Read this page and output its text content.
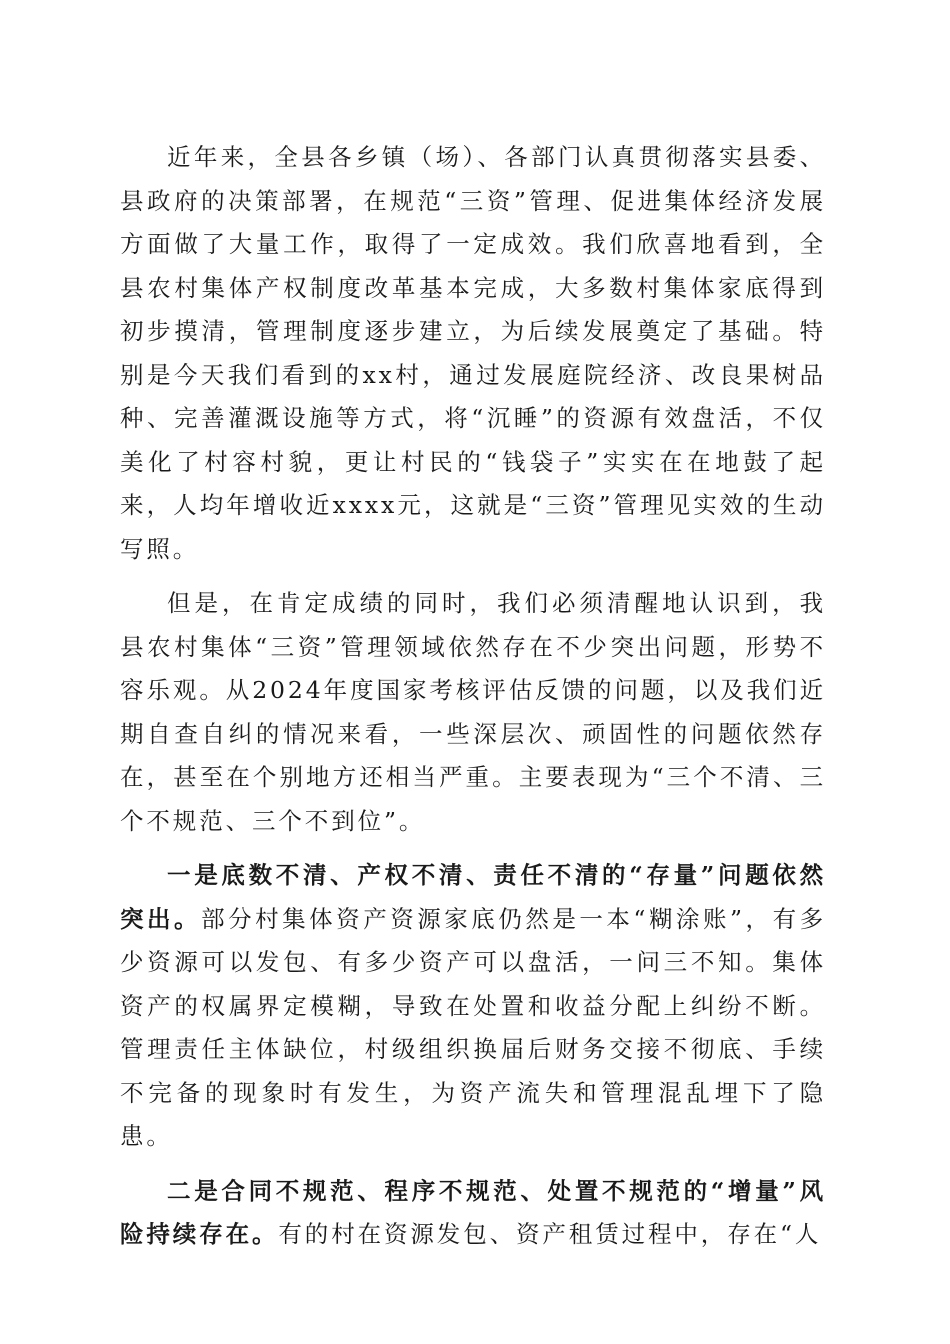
近年来，全县各乡镇（场）、各部门认真贯彻落实县委、县政府的决策部署，在规范“三资”管理、促进集体经济发展方面做了大量工作，取得了一定成效。我们欣喜地看到，全县农村集体产权制度改革基本完成，大多数村集体家底得到初步摸清，管理制度逐步建立，为后续发展奠定了基础。特别是今天我们看到的xx村，通过发展庭院经济、改良果树品种、完善灌溉设施等方式，将“沉睡”的资源有效盘活，不仅美化了村容村貌，更让村民的“钱袋子”实实在在地鼓了起来，人均年增收近xxxx元，这就是“三资”管理见实效的生动写照。

但是，在肯定成绩的同时，我们必须清醒地认识到，我县农村集体“三资”管理领域依然存在不少突出问题，形势不容乐观。从2024年度国家考核评估反馈的问题，以及我们近期自查自纠的情况来看，一些深层次、顽固性的问题依然存在，甚至在个别地方还相当严重。主要表现为“三个不清、三个不规范、三个不到位”。

一是底数不清、产权不清、责任不清的“存量”问题依然突出。部分村集体资产资源家底仍然是一本“糊涂账”，有多少资源可以发包、有多少资产可以盘活，一问三不知。集体资产的权属界定模糊，导致在处置和收益分配上纠纷不断。管理责任主体缺位，村级组织换届后财务交接不彻底、手续不完备的现象时有发生，为资产流失和管理混乱埋下了隐患。

二是合同不规范、程序不规范、处置不规范的“增量”风险持续存在。有的村在资源发包、资产租赁过程中，存在“人
